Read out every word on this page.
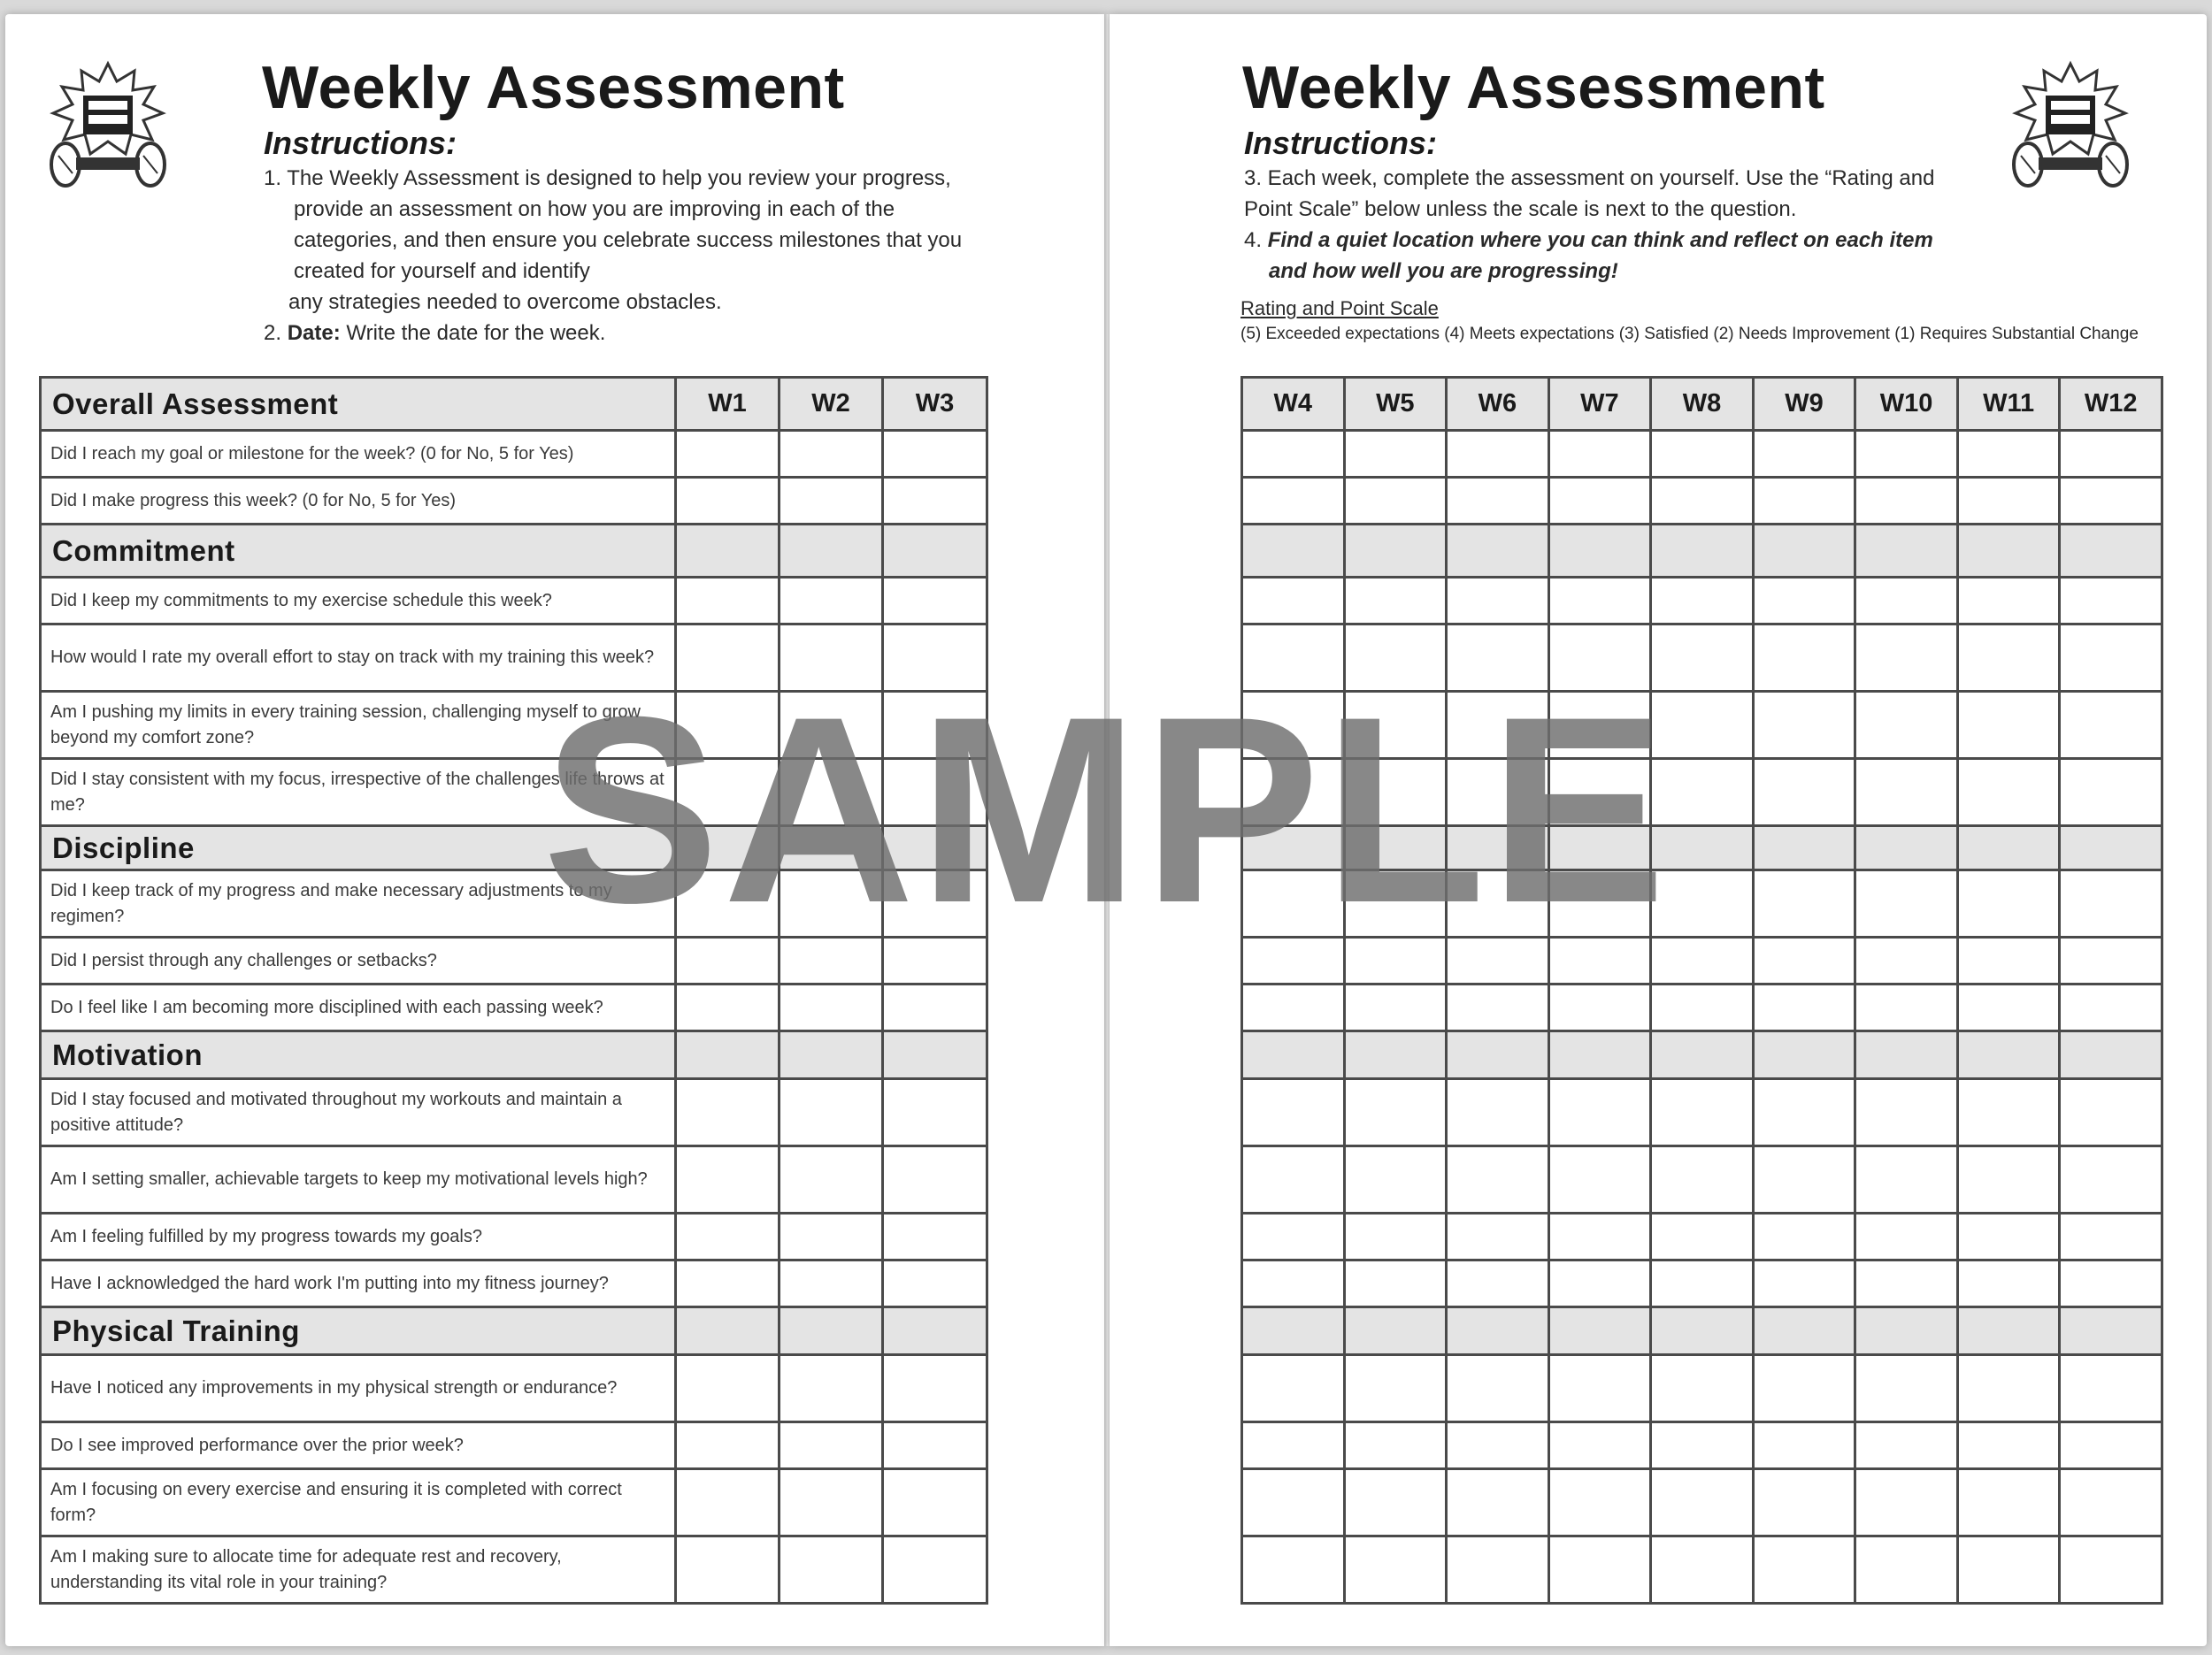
Weekly Assessment
Instructions:

1. The Weekly Assessment is designed to help you review your progress,

provide an assessment on how you are improving in each of the

categories, and then ensure you celebrate success milestones that you

created for yourself and identify

any strategies needed to overcome obstacles.

2. Date: Write the date for the week.

Overall Assessment	W1	W2	W3
Did I reach my goal or milestone for the week? (0 for No, 5 for Yes)			
Did I make progress this week? (0 for No, 5 for Yes)			
Commitment			
Did I keep my commitments to my exercise schedule this week?			
How would I rate my overall effort to stay on track with my training this week?			
Am I pushing my limits in every training session, challenging myself to grow beyond my comfort zone?			
Did I stay consistent with my focus, irrespective of the challenges life throws at me?			
Discipline			
Did I keep track of my progress and make necessary adjustments to my regimen?			
Did I persist through any challenges or setbacks?			
Do I feel like I am becoming more disciplined with each passing week?			
Motivation			
Did I stay focused and motivated throughout my workouts and maintain a positive attitude?			
Am I setting smaller, achievable targets to keep my motivational levels high?			
Am I feeling fulfilled by my progress towards my goals?			
Have I acknowledged the hard work I'm putting into my fitness journey?			
Physical Training			
Have I noticed any improvements in my physical strength or endurance?			
Do I see improved performance over the prior week?			
Am I focusing on every exercise and ensuring it is completed with correct form?			
Am I making sure to allocate time for adequate rest and recovery, understanding its vital role in your training?			
Weekly Assessment
Instructions:

3. Each week, complete the assessment on yourself. Use the “Rating and

Point Scale” below unless the scale is next to the question.

4. Find a quiet location where you can think and reflect on each item

and how well you are progressing!

Rating and Point Scale
(5) Exceeded expectations (4) Meets expectations (3) Satisfied (2) Needs Improvement (1) Requires Substantial Change
W4	W5	W6	W7	W8	W9	W10	W11	W12

SAMPLE
